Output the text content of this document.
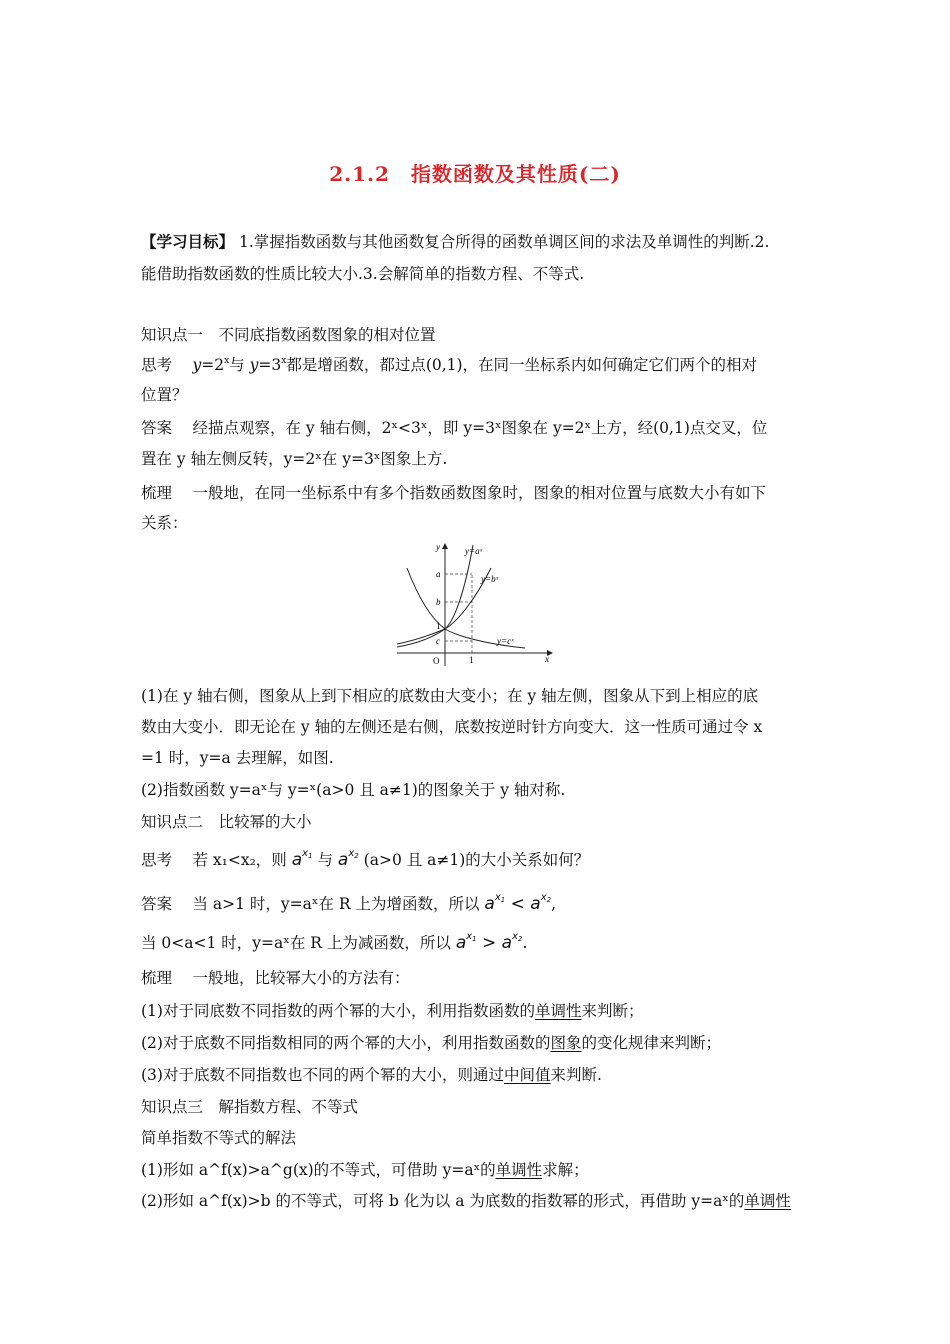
2.1.2　指数函数及其性质(二)
【学习目标】 1.掌握指数函数与其他函数复合所得的函数单调区间的求法及单调性的判断.2.
能借助指数函数的性质比较大小.3.会解简单的指数方程、不等式.
知识点一　不同底指数函数图象的相对位置
思考 　 $y=2^x$与 $y=3^x$都是增函数，都过点(0,1)，在同一坐标系内如何确定它们两个的相对
位置？
答案　 经描点观察，在 y 轴右侧，2ˣ<3ˣ，即 y=3ˣ图象在 y=2ˣ上方，经(0,1)点交叉，位
置在 y 轴左侧反转，y=2ˣ在 y=3ˣ图象上方.
梳理　 一般地，在同一坐标系中有多个指数函数图象时，图象的相对位置与底数大小有如下
关系：
y
x
O	1
1
a
b
c
y=aˣ
y=bˣ
y=cˣ
(1)在 y 轴右侧，图象从上到下相应的底数由大变小；在 y 轴左侧，图象从下到上相应的底
数由大变小．即无论在 y 轴的左侧还是右侧，底数按逆时针方向变大．这一性质可通过令 x
=1 时，y=a 去理解，如图.
(2)指数函数 y=aˣ与 y=ˣ(a>0 且 a≠1)的图象关于 y 轴对称.
知识点二　比较幂的大小
思考　 若 x₁<x₂，则 $a^{x_1}$ 与 $a^{x_2}$ (a>0 且 a≠1)的大小关系如何？
答案　 当 a>1 时，y=aˣ在 R 上为增函数，所以 $a^{x_1} < a^{x_2}$,
当 0<a<1 时，y=aˣ在 R 上为减函数，所以 $a^{x_1} > a^{x_2}$.
梳理　 一般地，比较幂大小的方法有：
(1)对于同底数不同指数的两个幂的大小，利用指数函数的单调性来判断；
(2)对于底数不同指数相同的两个幂的大小，利用指数函数的图象的变化规律来判断；
(3)对于底数不同指数也不同的两个幂的大小，则通过中间值来判断.
知识点三　解指数方程、不等式
简单指数不等式的解法
(1)形如 a^f(x)>a^g(x)的不等式，可借助 y=aˣ的单调性求解；
(2)形如 a^f(x)>b 的不等式，可将 b 化为以 a 为底数的指数幂的形式，再借助 y=aˣ的单调性
